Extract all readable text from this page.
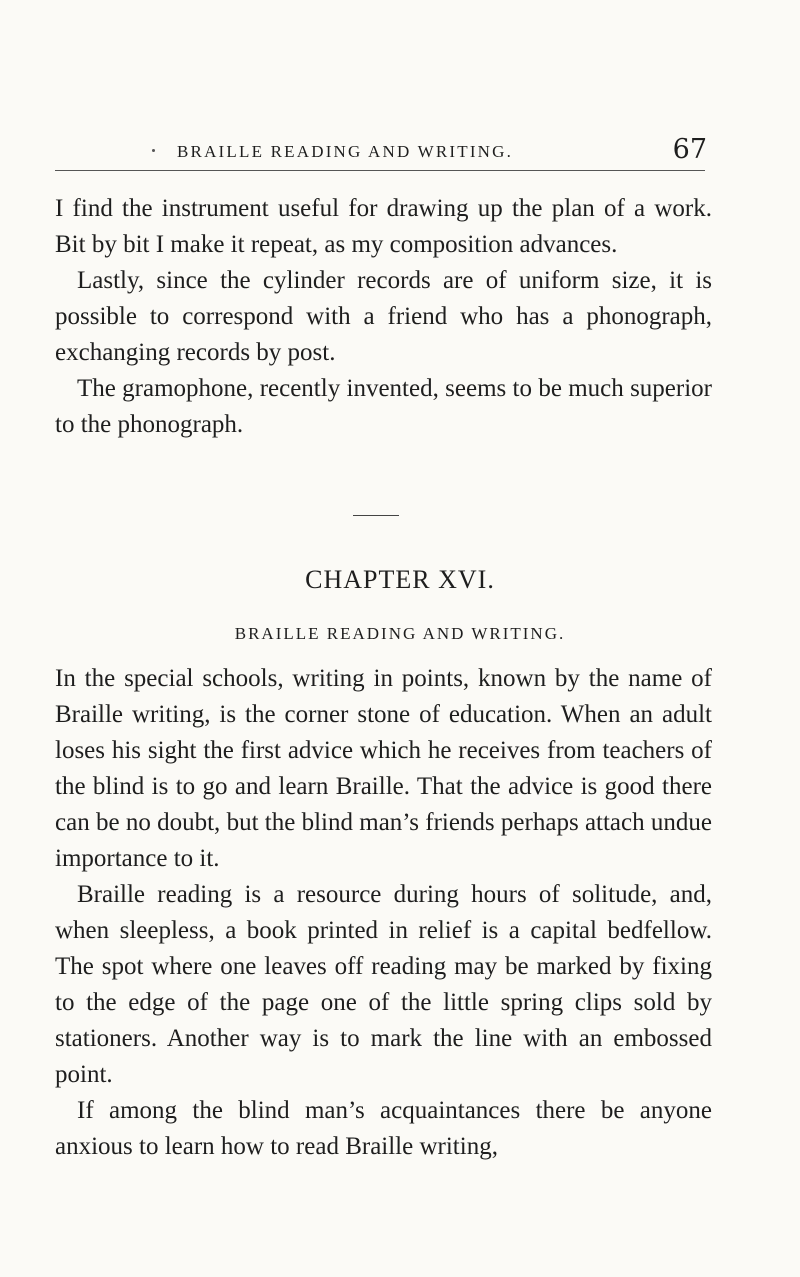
BRAILLE READING AND WRITING.	67

I find the instrument useful for drawing up the plan of a work. Bit by bit I make it repeat, as my composition advances.

Lastly, since the cylinder records are of uniform size, it is possible to correspond with a friend who has a phonograph, exchanging records by post.

The gramophone, recently invented, seems to be much superior to the phonograph.

CHAPTER XVI.
BRAILLE READING AND WRITING.

In the special schools, writing in points, known by the name of Braille writing, is the corner stone of education. When an adult loses his sight the first advice which he receives from teachers of the blind is to go and learn Braille. That the advice is good there can be no doubt, but the blind man’s friends perhaps attach undue importance to it.

Braille reading is a resource during hours of solitude, and, when sleepless, a book printed in relief is a capital bedfellow. The spot where one leaves off reading may be marked by fixing to the edge of the page one of the little spring clips sold by stationers. Another way is to mark the line with an embossed point.

If among the blind man’s acquaintances there be anyone anxious to learn how to read Braille writing,
